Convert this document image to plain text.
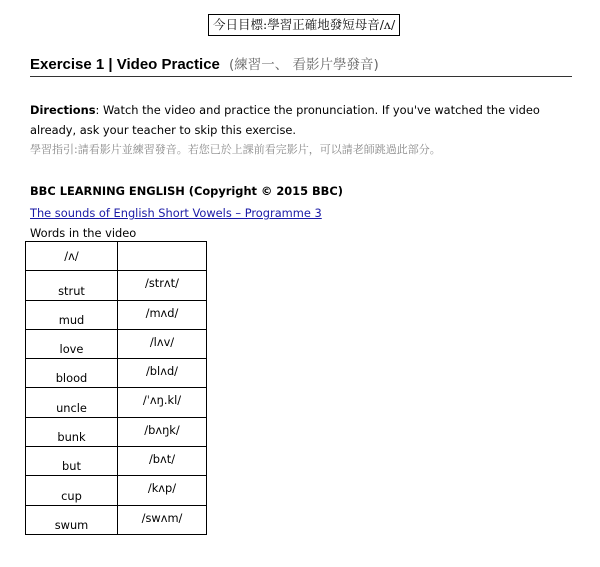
今日目標:學習正確地發短母音/ʌ/
Exercise 1 | Video Practice (練習一、 看影片學發音)
Directions: Watch the video and practice the pronunciation. If you've watched the video already, ask your teacher to skip this exercise.
學習指引:請看影片並練習發音。若您已於上課前看完影片，可以請老師跳過此部分。
BBC LEARNING ENGLISH (Copyright © 2015 BBC)
The sounds of English Short Vowels – Programme 3
Words in the video
/ʌ/	
strut	/strʌt/
mud	/mʌd/
love	/lʌv/
blood	/blʌd/
uncle	/ˈʌŋ.kl/
bunk	/bʌŋk/
but	/bʌt/
cup	/kʌp/
swum	/swʌm/
